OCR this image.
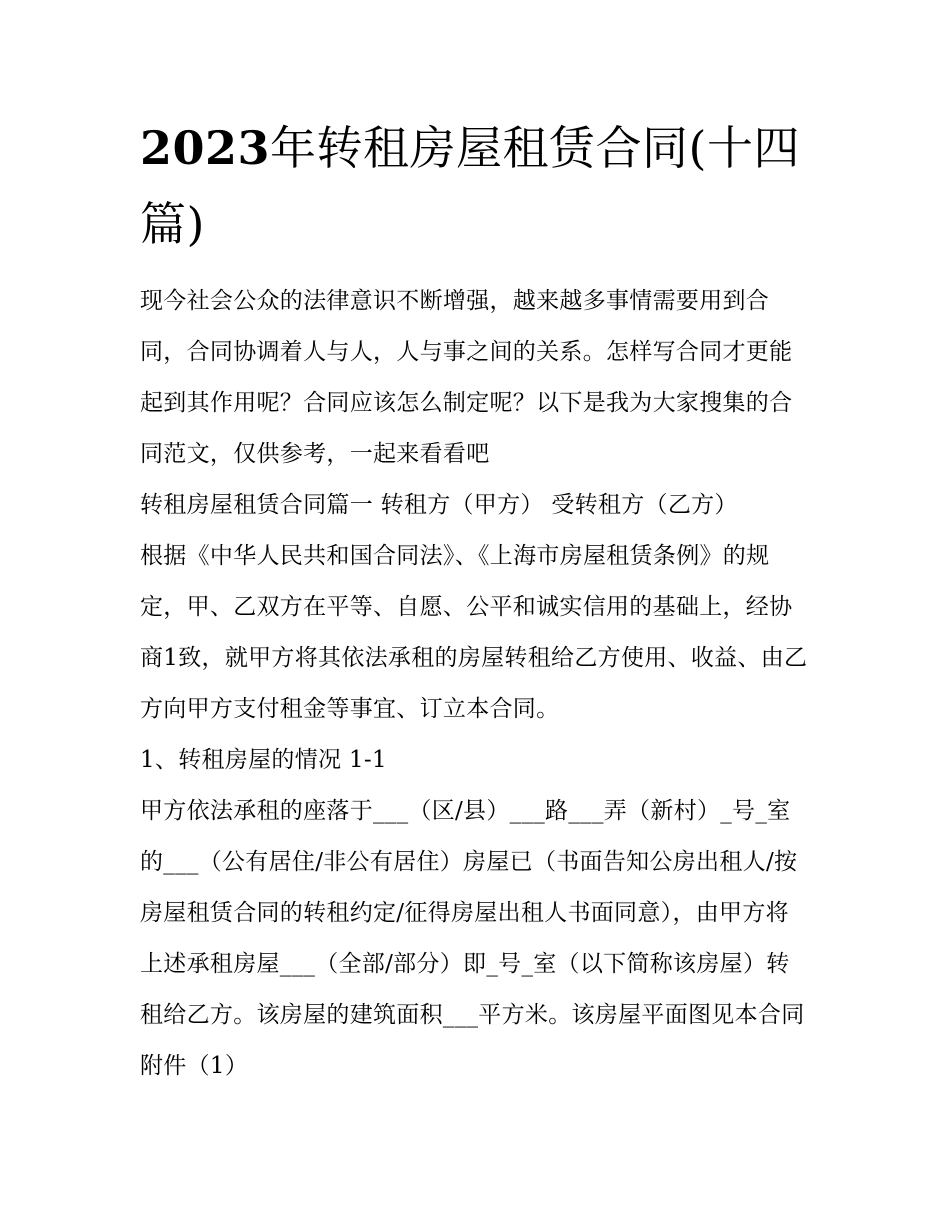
2023年转租房屋租赁合同(十四篇)

现今社会公众的法律意识不断增强，越来越多事情需要用到合同，合同协调着人与人，人与事之间的关系。怎样写合同才更能起到其作用呢？合同应该怎么制定呢？以下是我为大家搜集的合同范文，仅供参考，一起来看看吧

转租房屋租赁合同篇一 转租方（甲方） 受转租方（乙方）

根据《中华人民共和国合同法》、《上海市房屋租赁条例》的规定，甲、乙双方在平等、自愿、公平和诚实信用的基础上，经协商1致，就甲方将其依法承租的房屋转租给乙方使用、收益、由乙方向甲方支付租金等事宜、订立本合同。

1、转租房屋的情况 1-1

甲方依法承租的座落于___（区/县）___路___弄（新村）_号_室的___（公有居住/非公有居住）房屋已（书面告知公房出租人/按房屋租赁合同的转租约定/征得房屋出租人书面同意），由甲方将上述承租房屋___（全部/部分）即_号_室（以下简称该房屋）转租给乙方。该房屋的建筑面积___平方米。该房屋平面图见本合同附件（1）
